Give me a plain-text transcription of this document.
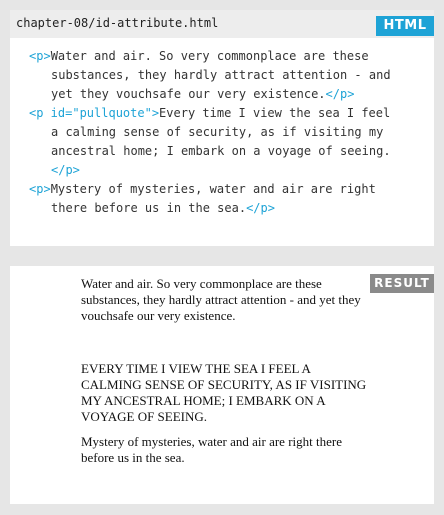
chapter-08/id-attribute.html	HTML
<p>Water and air. So very commonplace are these
substances, they hardly attract attention - and
yet they vouchsafe our very existence.</p>
<p id="pullquote">Every time I view the sea I feel
a calming sense of security, as if visiting my
ancestral home; I embark on a voyage of seeing.
</p>
<p>Mystery of mysteries, water and air are right
there before us in the sea.</p>
RESULT

Water and air. So very commonplace are these substances, they hardly attract attention - and yet they vouchsafe our very existence.

EVERY TIME I VIEW THE SEA I FEEL A CALMING SENSE OF SECURITY, AS IF VISITING MY ANCESTRAL HOME; I EMBARK ON A VOYAGE OF SEEING.

Mystery of mysteries, water and air are right there before us in the sea.
